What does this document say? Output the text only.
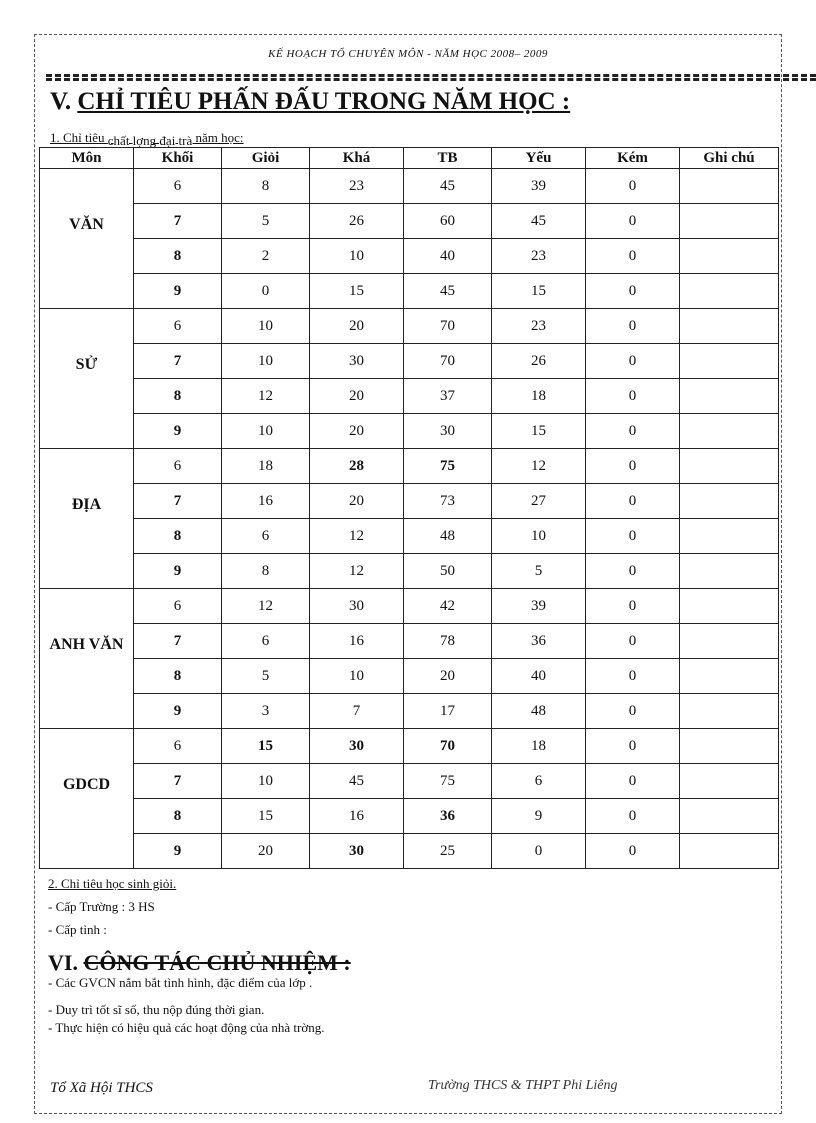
KẾ HOẠCH TỔ CHUYÊN MÔN - NĂM HỌC 2008– 2009
V. CHỈ TIÊU PHẤN ĐẤU TRONG NĂM HỌC :
1. Chỉ tiêu chất lợng đại trà năm học:
Môn	Khối	Giỏi	Khá	TB	Yếu	Kém	Ghi chú
VĂN	6	8	23	45	39	0	
	7	5	26	60	45	0	
	8	2	10	40	23	0	
	9	0	15	45	15	0	
SỬ	6	10	20	70	23	0	
	7	10	30	70	26	0	
	8	12	20	37	18	0	
	9	10	20	30	15	0	
ĐỊA	6	18	28	75	12	0	
	7	16	20	73	27	0	
	8	6	12	48	10	0	
	9	8	12	50	5	0	
ANH VĂN	6	12	30	42	39	0	
	7	6	16	78	36	0	
	8	5	10	20	40	0	
	9	3	7	17	48	0	
GDCD	6	15	30	70	18	0	
	7	10	45	75	6	0	
	8	15	16	36	9	0	
	9	20	30	25	0	0	
2. Chỉ tiêu học sinh giỏi.
- Cấp Trường : 3 HS
- Cấp tỉnh :
VI. CÔNG TÁC CHỦ NHIỆM :
- Các GVCN nắm bắt tình hình, đặc điểm của lớp .
- Duy trì tốt sĩ số, thu nộp đúng thời gian.
- Thực hiện có hiệu quả các hoạt động của nhà trờng.
Tổ Xã Hội THCS	Trường THCS & THPT Phi Liêng
